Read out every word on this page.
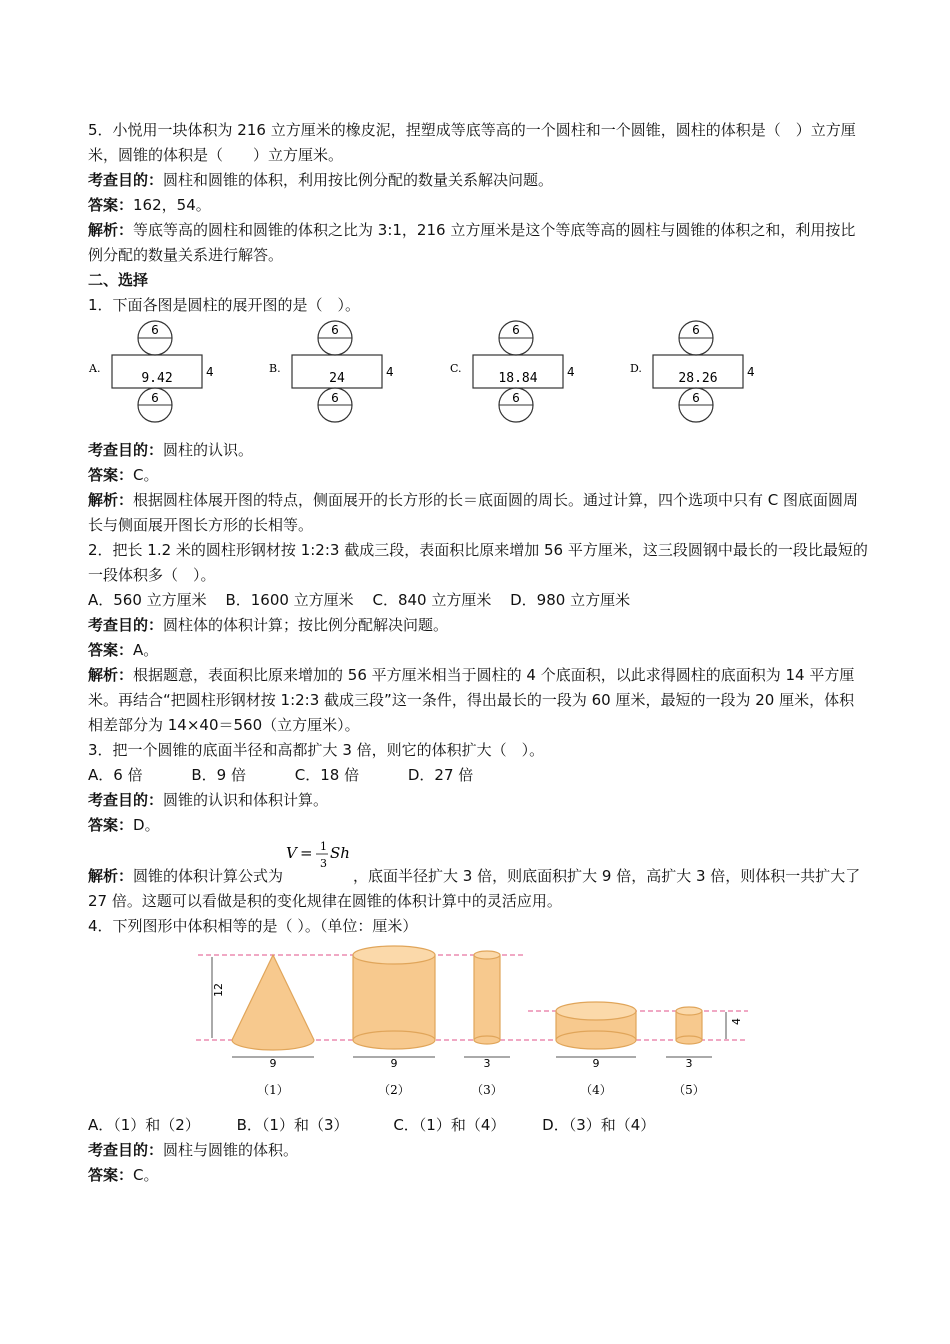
5．小悦用一块体积为 216 立方厘米的橡皮泥，捏塑成等底等高的一个圆柱和一个圆锥，圆柱的体积是（　）立方厘米，圆锥的体积是（　　）立方厘米。
考查目的：圆柱和圆锥的体积，利用按比例分配的数量关系解决问题。
答案：162，54。
解析：等底等高的圆柱和圆锥的体积之比为 3:1，216 立方厘米是这个等底等高的圆柱与圆锥的体积之和，利用按比例分配的数量关系进行解答。
二、选择
1．下面各图是圆柱的展开图的是（　）。
A.
6
9.42	4
6
B.
6
24	4
6
C.
6
18.84 4
6
D.
6
28.26 4
6
考查目的：圆柱的认识。
答案：C。
解析：根据圆柱体展开图的特点，侧面展开的长方形的长＝底面圆的周长。通过计算，四个选项中只有 C 图底面圆周长与侧面展开图长方形的长相等。
2．把长 1.2 米的圆柱形钢材按 1:2:3 截成三段，表面积比原来增加 56 平方厘米，这三段圆钢中最长的一段比最短的一段体积多（　）。
A．560 立方厘米 B．1600 立方厘米 C．840 立方厘米 D．980 立方厘米
考查目的：圆柱体的体积计算；按比例分配解决问题。
答案：A。
解析：根据题意，表面积比原来增加的 56 平方厘米相当于圆柱的 4 个底面积，以此求得圆柱的底面积为 14 平方厘米。再结合“把圆柱形钢材按 1:2:3 截成三段”这一条件，得出最长的一段为 60 厘米，最短的一段为 20 厘米，体积相差部分为 14×40＝560（立方厘米）。
3．把一个圆锥的底面半径和高都扩大 3 倍，则它的体积扩大（　）。
A．6 倍	B．9 倍	C．18 倍	D．27 倍
考查目的：圆锥的认识和体积计算。
答案：D。
解析：圆锥的体积计算公式为
V = 1
3
Sh
，底面半径扩大 3 倍，则底面积扩大 9 倍，高扩大 3 倍，则体积一共扩大了 27 倍。这题可以看做是积的变化规律在圆锥的体积计算中的灵活应用。
4．下列图形中体积相等的是（ ）。（单位：厘米）
12
9
（1）
9
（2）
3
（3）
9
（4）
3
（5）
4
A．（1）和（2） B．（1）和（3）	C．（1）和（4） D．（3）和（4）
考查目的：圆柱与圆锥的体积。
答案：C。
